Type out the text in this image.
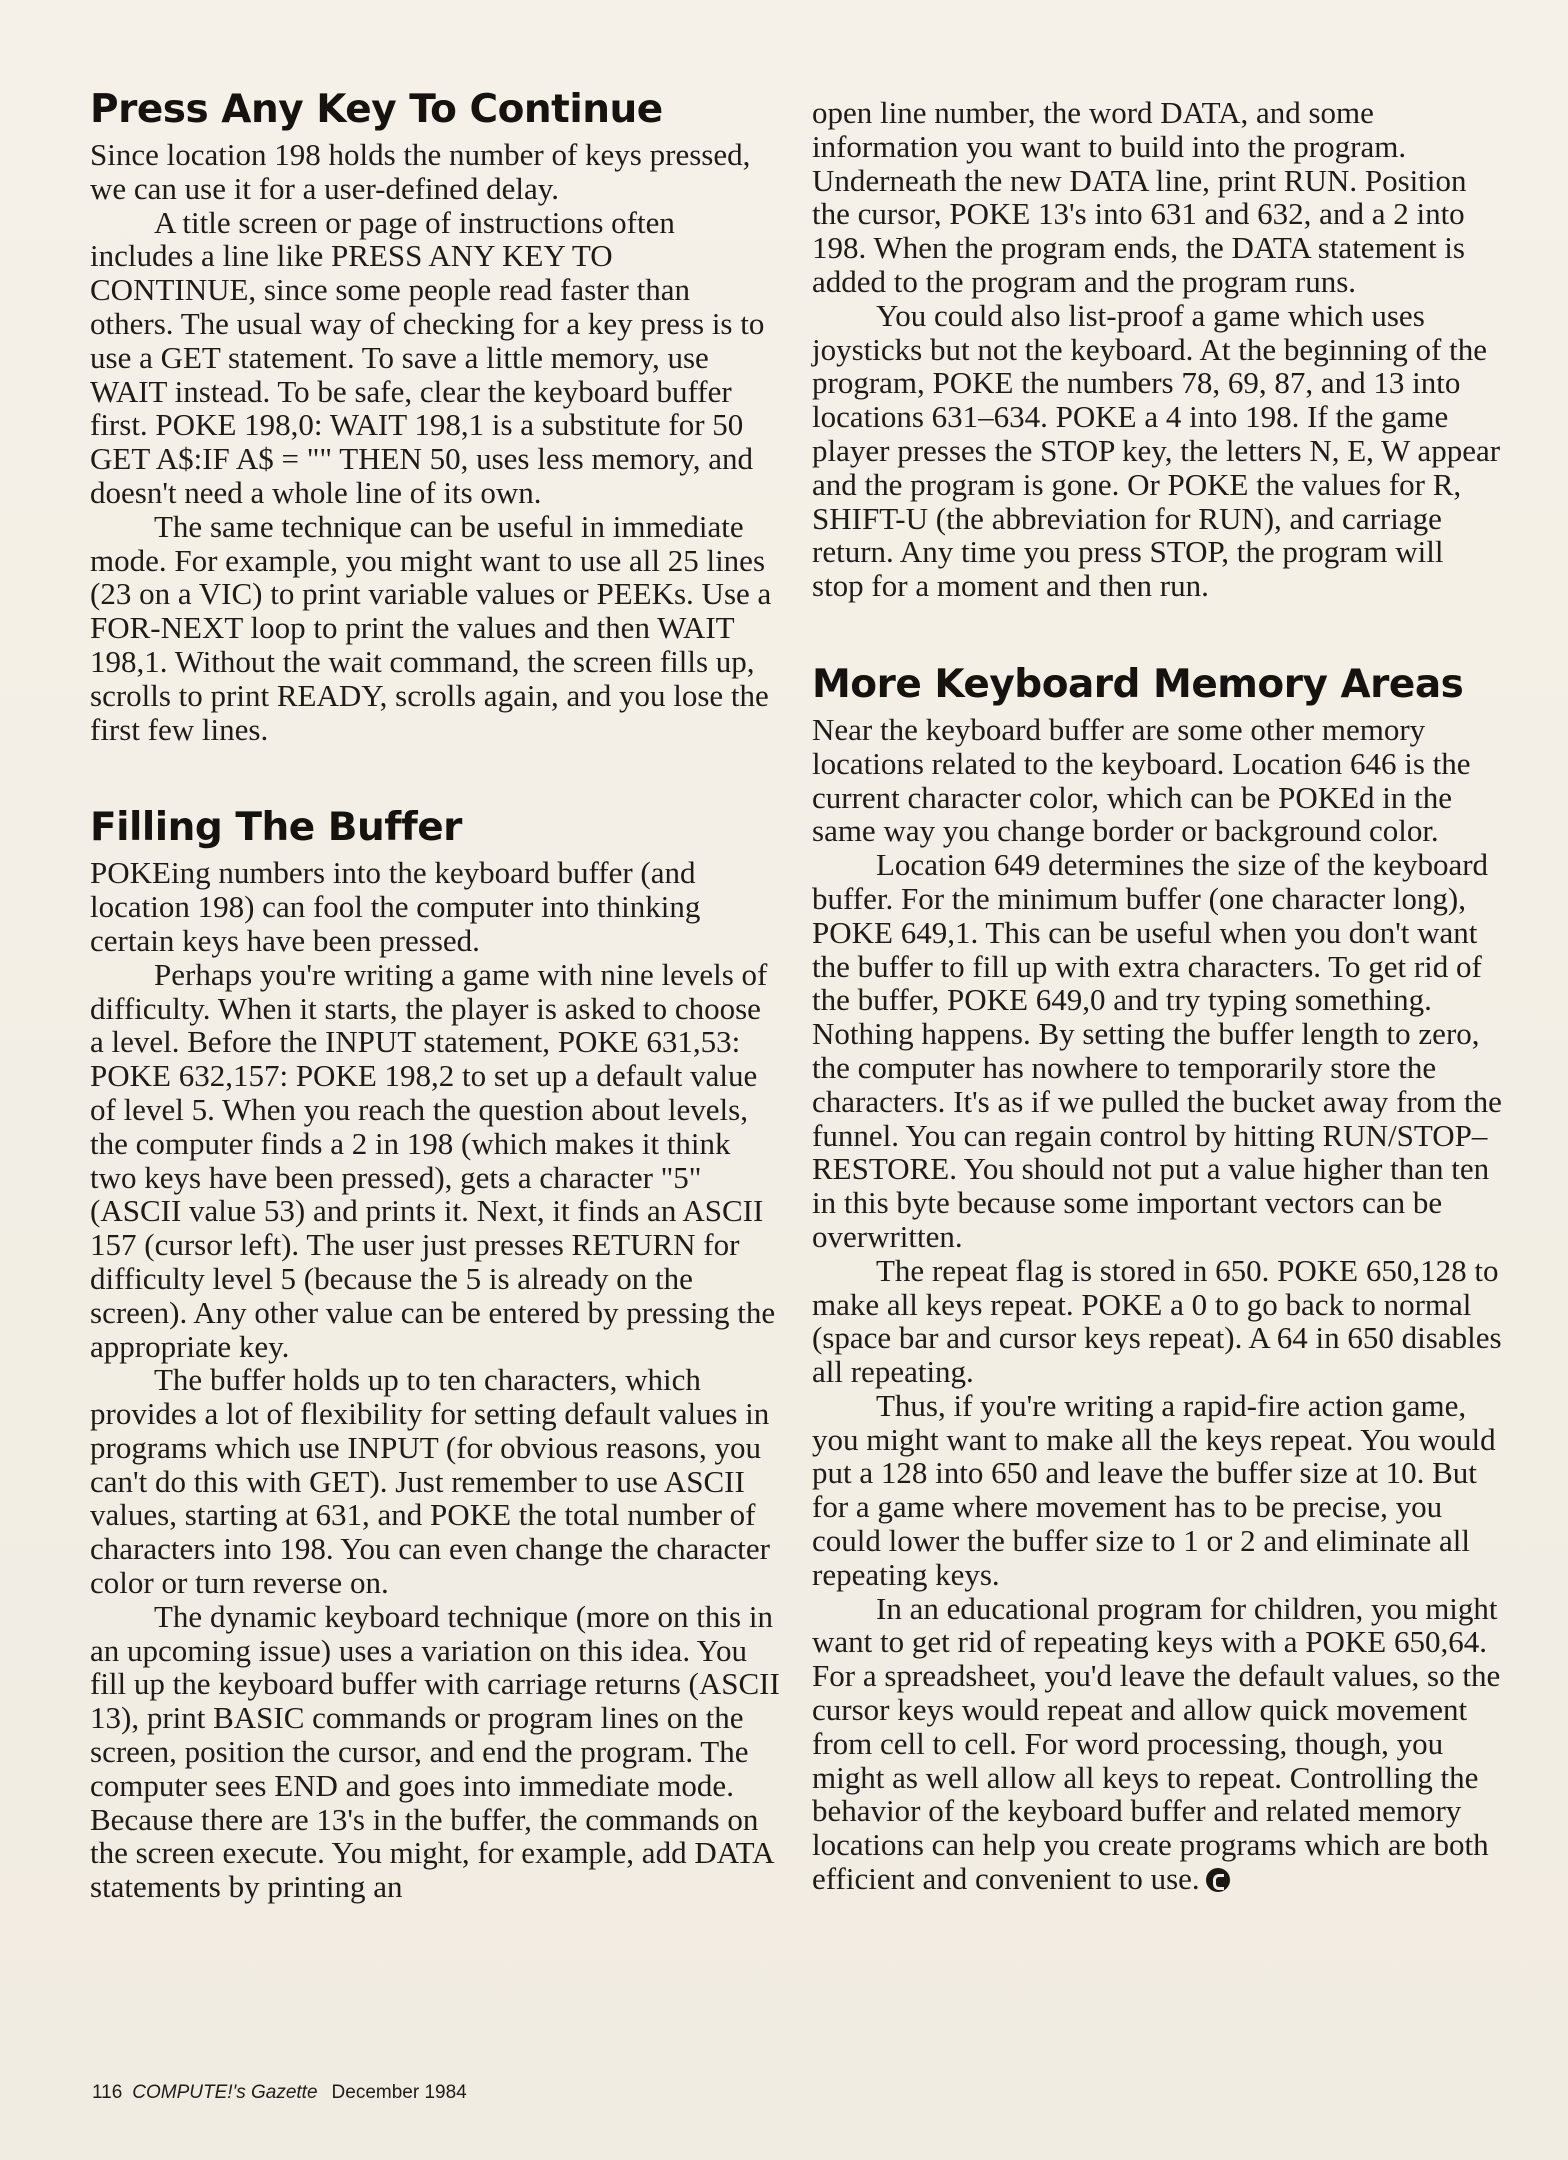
Press Any Key To Continue

Since location 198 holds the number of keys pressed, we can use it for a user-defined delay.

A title screen or page of instructions often includes a line like PRESS ANY KEY TO CONTINUE, since some people read faster than others. The usual way of checking for a key press is to use a GET statement. To save a little memory, use WAIT instead. To be safe, clear the keyboard buffer first. POKE 198,0: WAIT 198,1 is a substitute for 50 GET A$:IF A$ = "" THEN 50, uses less memory, and doesn't need a whole line of its own.

The same technique can be useful in immediate mode. For example, you might want to use all 25 lines (23 on a VIC) to print variable values or PEEKs. Use a FOR-NEXT loop to print the values and then WAIT 198,1. Without the wait command, the screen fills up, scrolls to print READY, scrolls again, and you lose the first few lines.

Filling The Buffer

POKEing numbers into the keyboard buffer (and location 198) can fool the computer into thinking certain keys have been pressed.

Perhaps you're writing a game with nine levels of difficulty. When it starts, the player is asked to choose a level. Before the INPUT statement, POKE 631,53: POKE 632,157: POKE 198,2 to set up a default value of level 5. When you reach the question about levels, the computer finds a 2 in 198 (which makes it think two keys have been pressed), gets a character "5" (ASCII value 53) and prints it. Next, it finds an ASCII 157 (cursor left). The user just presses RETURN for difficulty level 5 (because the 5 is already on the screen). Any other value can be entered by pressing the appropriate key.

The buffer holds up to ten characters, which provides a lot of flexibility for setting default values in programs which use INPUT (for obvious reasons, you can't do this with GET). Just remember to use ASCII values, starting at 631, and POKE the total number of characters into 198. You can even change the character color or turn reverse on.

The dynamic keyboard technique (more on this in an upcoming issue) uses a variation on this idea. You fill up the keyboard buffer with carriage returns (ASCII 13), print BASIC commands or program lines on the screen, position the cursor, and end the program. The computer sees END and goes into immediate mode. Because there are 13's in the buffer, the commands on the screen execute. You might, for example, add DATA statements by printing an

open line number, the word DATA, and some information you want to build into the program. Underneath the new DATA line, print RUN. Position the cursor, POKE 13's into 631 and 632, and a 2 into 198. When the program ends, the DATA statement is added to the program and the program runs.

You could also list-proof a game which uses joysticks but not the keyboard. At the beginning of the program, POKE the numbers 78, 69, 87, and 13 into locations 631–634. POKE a 4 into 198. If the game player presses the STOP key, the letters N, E, W appear and the program is gone. Or POKE the values for R, SHIFT-U (the abbreviation for RUN), and carriage return. Any time you press STOP, the program will stop for a moment and then run.

More Keyboard Memory Areas

Near the keyboard buffer are some other memory locations related to the keyboard. Location 646 is the current character color, which can be POKEd in the same way you change border or background color.

Location 649 determines the size of the keyboard buffer. For the minimum buffer (one character long), POKE 649,1. This can be useful when you don't want the buffer to fill up with extra characters. To get rid of the buffer, POKE 649,0 and try typing something. Nothing happens. By setting the buffer length to zero, the computer has nowhere to temporarily store the characters. It's as if we pulled the bucket away from the funnel. You can regain control by hitting RUN/STOP–RESTORE. You should not put a value higher than ten in this byte because some important vectors can be overwritten.

The repeat flag is stored in 650. POKE 650,128 to make all keys repeat. POKE a 0 to go back to normal (space bar and cursor keys repeat). A 64 in 650 disables all repeating.

Thus, if you're writing a rapid-fire action game, you might want to make all the keys repeat. You would put a 128 into 650 and leave the buffer size at 10. But for a game where movement has to be precise, you could lower the buffer size to 1 or 2 and eliminate all repeating keys.

In an educational program for children, you might want to get rid of repeating keys with a POKE 650,64. For a spreadsheet, you'd leave the default values, so the cursor keys would repeat and allow quick movement from cell to cell. For word processing, though, you might as well allow all keys to repeat. Controlling the behavior of the keyboard buffer and related memory locations can help you create programs which are both efficient and convenient to use.

116 COMPUTE!'s Gazette December 1984
